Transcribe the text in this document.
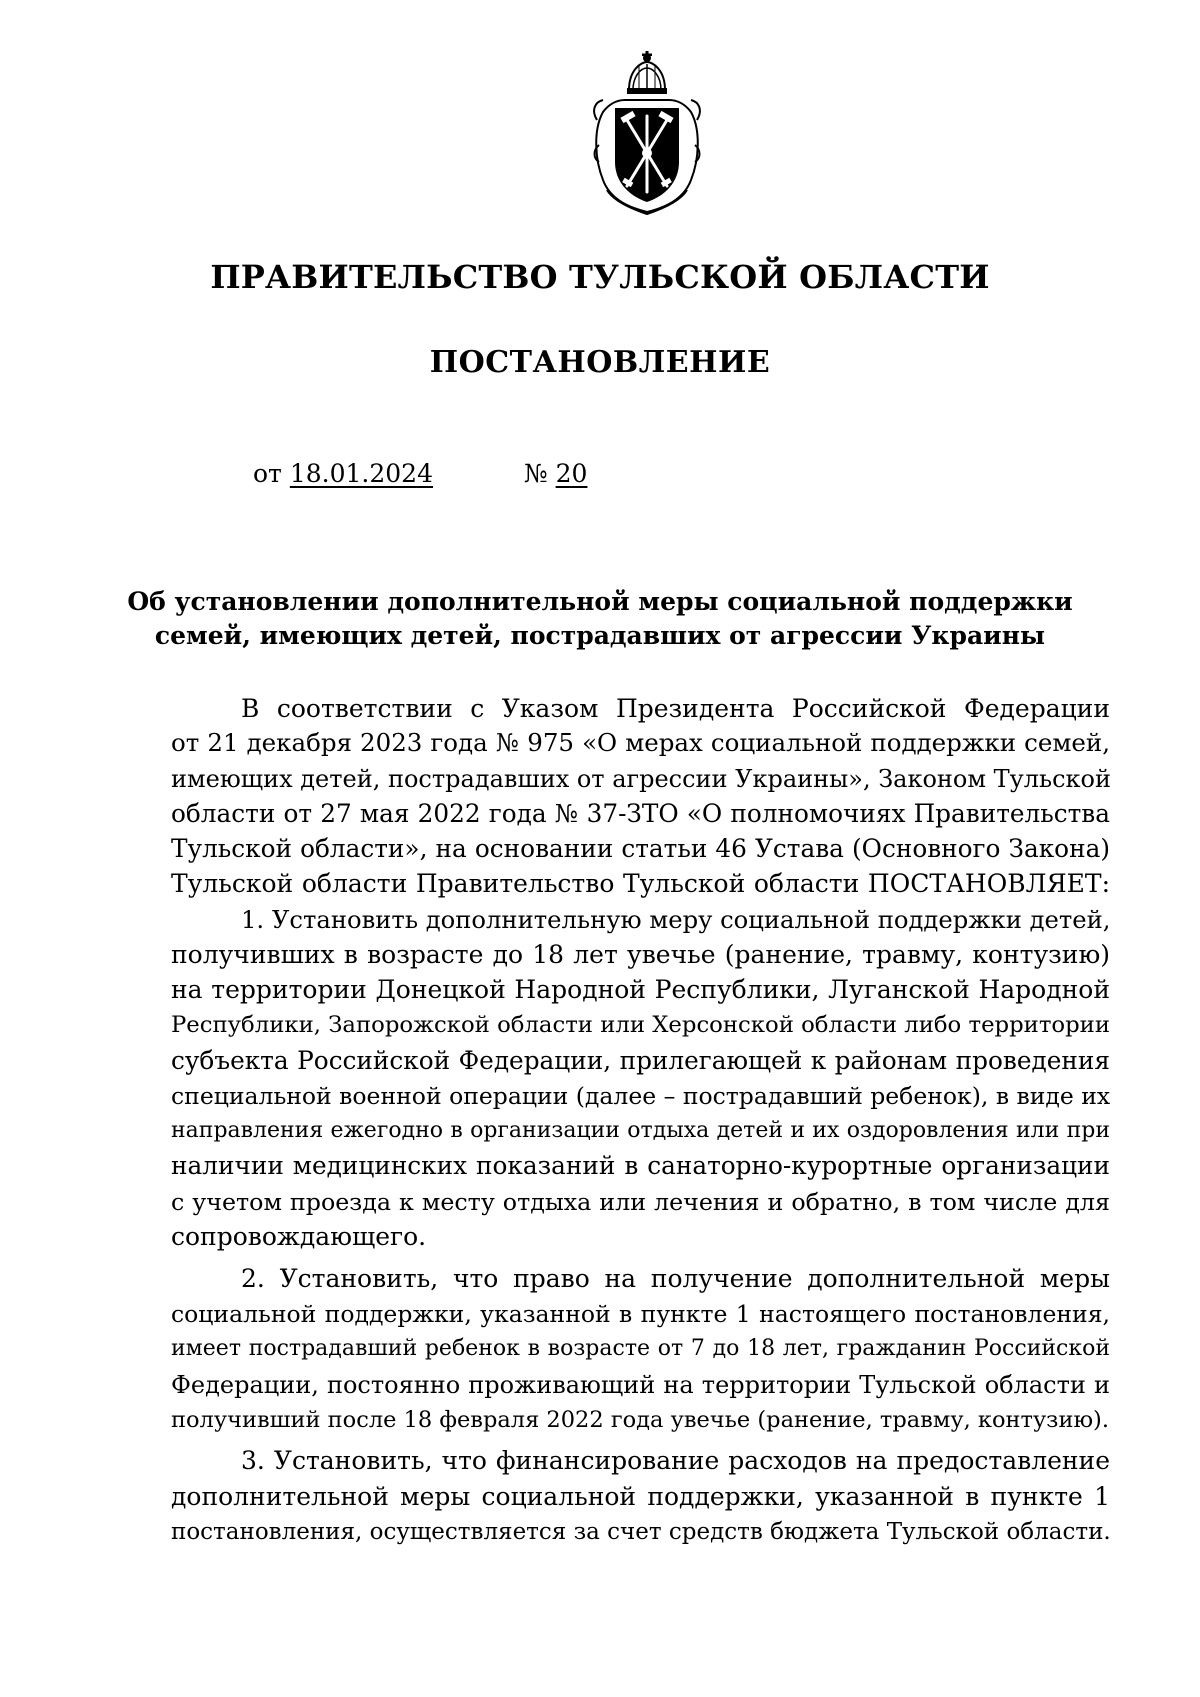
ПРАВИТЕЛЬСТВО ТУЛЬСКОЙ ОБЛАСТИ
ПОСТАНОВЛЕНИЕ
от 18.01.2024	№ 20
Об установлении дополнительной меры социальной поддержки
семей, имеющих детей, пострадавших от агрессии Украины
В соответствии с Указом Президента Российской Федерации
от 21 декабря 2023 года № 975 «О мерах социальной поддержки семей,
имеющих детей, пострадавших от агрессии Украины», Законом Тульской
области от 27 мая 2022 года № 37-ЗТО «О полномочиях Правительства
Тульской области», на основании статьи 46 Устава (Основного Закона)
Тульской области Правительство Тульской области ПОСТАНОВЛЯЕТ:
1. Установить дополнительную меру социальной поддержки детей,
получивших в возрасте до 18 лет увечье (ранение, травму, контузию)
на территории Донецкой Народной Республики, Луганской Народной
Республики, Запорожской области или Херсонской области либо территории
субъекта Российской Федерации, прилегающей к районам проведения
специальной военной операции (далее – пострадавший ребенок), в виде их
направления ежегодно в организации отдыха детей и их оздоровления или при
наличии медицинских показаний в санаторно-курортные организации
с учетом проезда к месту отдыха или лечения и обратно, в том числе для
сопровождающего.
2. Установить, что право на получение дополнительной меры
социальной поддержки, указанной в пункте 1 настоящего постановления,
имеет пострадавший ребенок в возрасте от 7 до 18 лет, гражданин Российской
Федерации, постоянно проживающий на территории Тульской области и
получивший после 18 февраля 2022 года увечье (ранение, травму, контузию).
3. Установить, что финансирование расходов на предоставление
дополнительной меры социальной поддержки, указанной в пункте 1
постановления, осуществляется за счет средств бюджета Тульской области.
